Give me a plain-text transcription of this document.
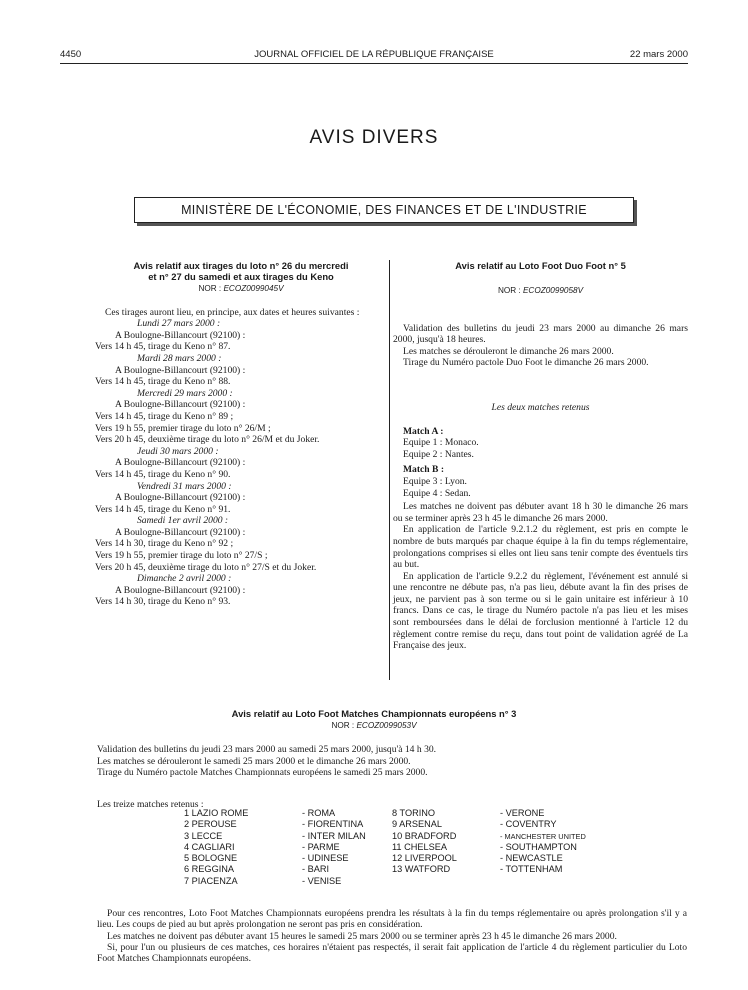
4450	JOURNAL OFFICIEL DE LA RÉPUBLIQUE FRANÇAISE	22 mars 2000
AVIS DIVERS
MINISTÈRE DE L'ÉCONOMIE, DES FINANCES ET DE L'INDUSTRIE
Avis relatif aux tirages du loto n° 26 du mercredi
et n° 27 du samedi et aux tirages du Keno
NOR : ECOZ0099045V

Ces tirages auront lieu, en principe, aux dates et heures suivantes :

Lundi 27 mars 2000 :

A Boulogne-Billancourt (92100) :

Vers 14 h 45, tirage du Keno n° 87.

Mardi 28 mars 2000 :

A Boulogne-Billancourt (92100) :

Vers 14 h 45, tirage du Keno n° 88.

Mercredi 29 mars 2000 :

A Boulogne-Billancourt (92100) :

Vers 14 h 45, tirage du Keno n° 89 ;

Vers 19 h 55, premier tirage du loto n° 26/M ;

Vers 20 h 45, deuxième tirage du loto n° 26/M et du Joker.

Jeudi 30 mars 2000 :

A Boulogne-Billancourt (92100) :

Vers 14 h 45, tirage du Keno n° 90.

Vendredi 31 mars 2000 :

A Boulogne-Billancourt (92100) :

Vers 14 h 45, tirage du Keno n° 91.

Samedi 1er avril 2000 :

A Boulogne-Billancourt (92100) :

Vers 14 h 30, tirage du Keno n° 92 ;

Vers 19 h 55, premier tirage du loto n° 27/S ;

Vers 20 h 45, deuxième tirage du loto n° 27/S et du Joker.

Dimanche 2 avril 2000 :

A Boulogne-Billancourt (92100) :

Vers 14 h 30, tirage du Keno n° 93.

Avis relatif au Loto Foot Duo Foot n° 5
NOR : ECOZ0099058V

Validation des bulletins du jeudi 23 mars 2000 au dimanche 26 mars 2000, jusqu'à 18 heures.

Les matches se dérouleront le dimanche 26 mars 2000.

Tirage du Numéro pactole Duo Foot le dimanche 26 mars 2000.

Les deux matches retenus

Match A :

Equipe 1 : Monaco.

Equipe 2 : Nantes.

Match B :

Equipe 3 : Lyon.

Equipe 4 : Sedan.

Les matches ne doivent pas débuter avant 18 h 30 le dimanche 26 mars ou se terminer après 23 h 45 le dimanche 26 mars 2000.

En application de l'article 9.2.1.2 du règlement, est pris en compte le nombre de buts marqués par chaque équipe à la fin du temps réglementaire, prolongations comprises si elles ont lieu sans tenir compte des éventuels tirs au but.

En application de l'article 9.2.2 du règlement, l'événement est annulé si une rencontre ne débute pas, n'a pas lieu, débute avant la fin des prises de jeux, ne parvient pas à son terme ou si le gain unitaire est inférieur à 10 francs. Dans ce cas, le tirage du Numéro pactole n'a pas lieu et les mises sont remboursées dans le délai de forclusion mentionné à l'article 12 du règlement contre remise du reçu, dans tout point de validation agréé de La Française des jeux.

Avis relatif au Loto Foot Matches Championnats européens n° 3
NOR : ECOZ0099053V

Validation des bulletins du jeudi 23 mars 2000 au samedi 25 mars 2000, jusqu'à 14 h 30.

Les matches se dérouleront le samedi 25 mars 2000 et le dimanche 26 mars 2000.

Tirage du Numéro pactole Matches Championnats européens le samedi 25 mars 2000.

Les treize matches retenus :

1 LAZIO ROME	- ROMA	8 TORINO	- VERONE
2 PEROUSE	- FIORENTINA	9 ARSENAL	- COVENTRY
3 LECCE	- INTER MILAN	10 BRADFORD	- MANCHESTER UNITED
4 CAGLIARI	- PARME	11 CHELSEA	- SOUTHAMPTON
5 BOLOGNE	- UDINESE	12 LIVERPOOL	- NEWCASTLE
6 REGGINA	- BARI	13 WATFORD	- TOTTENHAM
7 PIACENZA	- VENISE		

Pour ces rencontres, Loto Foot Matches Championnats européens prendra les résultats à la fin du temps réglementaire ou après prolongation s'il y a lieu. Les coups de pied au but après prolongation ne seront pas pris en considération.

Les matches ne doivent pas débuter avant 15 heures le samedi 25 mars 2000 ou se terminer après 23 h 45 le dimanche 26 mars 2000.

Si, pour l'un ou plusieurs de ces matches, ces horaires n'étaient pas respectés, il serait fait application de l'article 4 du règlement particulier du Loto Foot Matches Championnats européens.
